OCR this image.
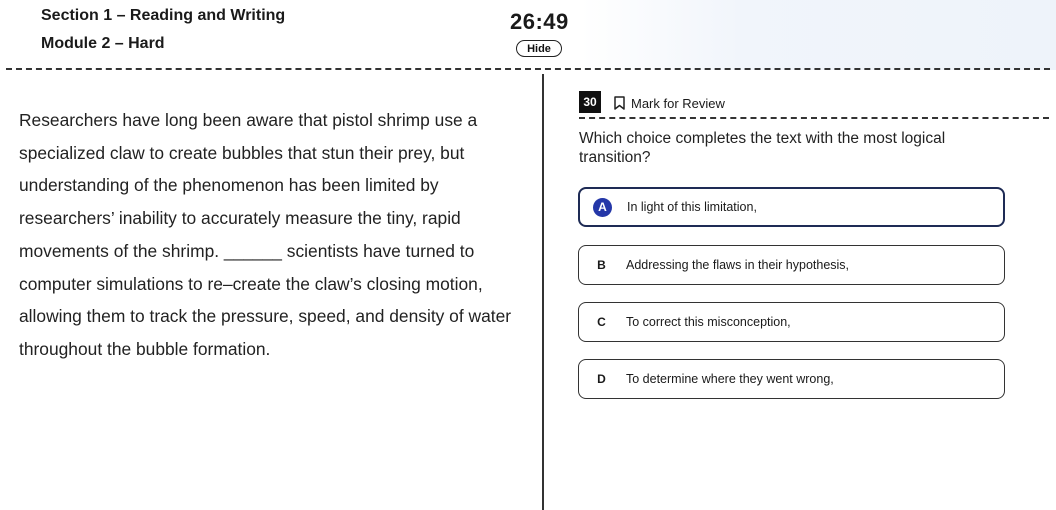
Section 1 – Reading and Writing
Module 2 – Hard
26:49
Hide
Researchers have long been aware that pistol shrimp use a specialized claw to create bubbles that stun their prey, but understanding of the phenomenon has been limited by researchers’ inability to accurately measure the tiny, rapid movements of the shrimp. ______ scientists have turned to computer simulations to re–create the claw’s closing motion, allowing them to track the pressure, speed, and density of water throughout the bubble formation.
30	Mark for Review
Which choice completes the text with the most logical transition?
A	In light of this limitation,
B	Addressing the flaws in their hypothesis,
C	To correct this misconception,
D	To determine where they went wrong,
